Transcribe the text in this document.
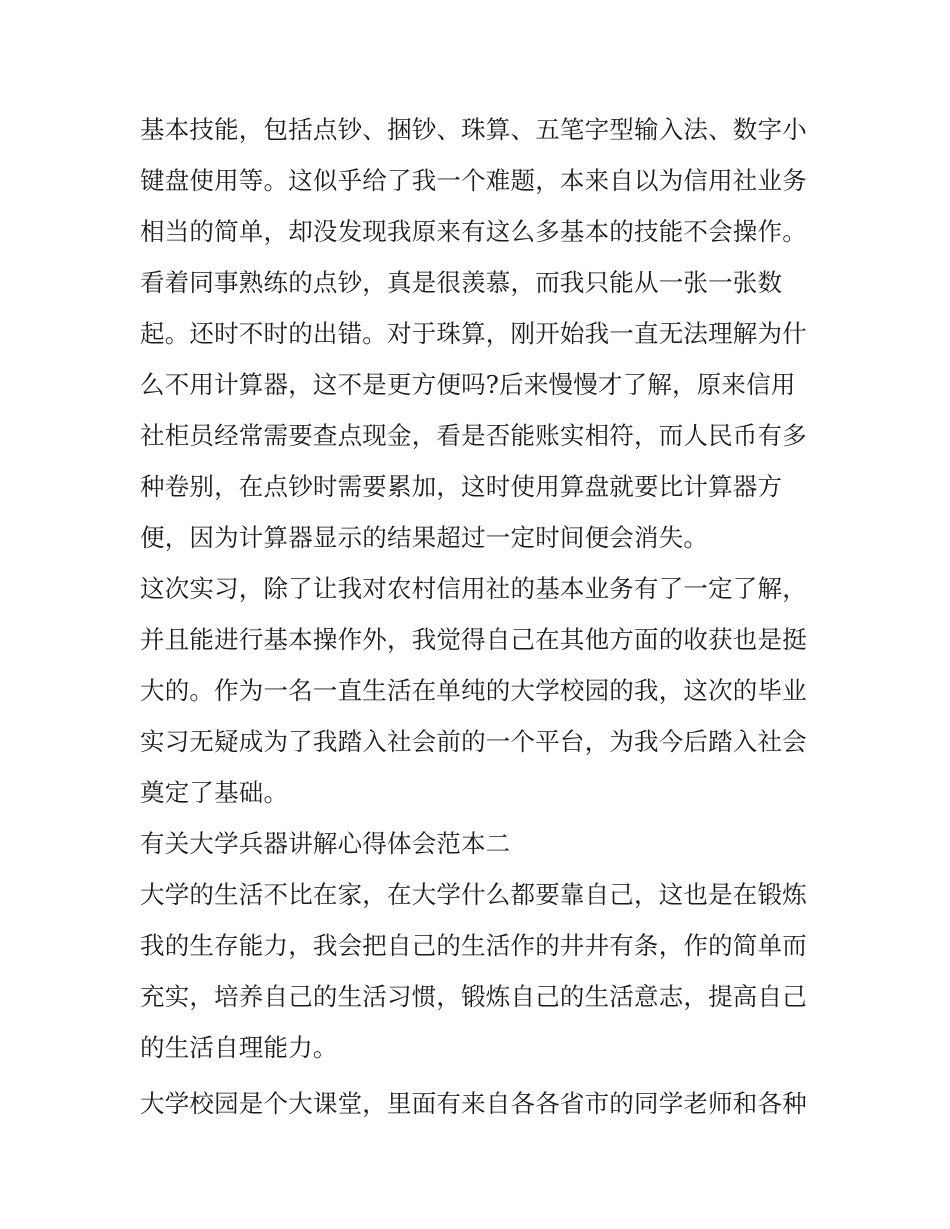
基本技能，包括点钞、捆钞、珠算、五笔字型输入法、数字小
键盘使用等。这似乎给了我一个难题，本来自以为信用社业务
相当的简单，却没发现我原来有这么多基本的技能不会操作。
看着同事熟练的点钞，真是很羡慕，而我只能从一张一张数
起。还时不时的出错。对于珠算，刚开始我一直无法理解为什
么不用计算器，这不是更方便吗?后来慢慢才了解，原来信用
社柜员经常需要查点现金，看是否能账实相符，而人民币有多
种卷别，在点钞时需要累加，这时使用算盘就要比计算器方
便，因为计算器显示的结果超过一定时间便会消失。
这次实习，除了让我对农村信用社的基本业务有了一定了解，
并且能进行基本操作外，我觉得自己在其他方面的收获也是挺
大的。作为一名一直生活在单纯的大学校园的我，这次的毕业
实习无疑成为了我踏入社会前的一个平台，为我今后踏入社会
奠定了基础。
有关大学兵器讲解心得体会范本二
大学的生活不比在家，在大学什么都要靠自己，这也是在锻炼
我的生存能力，我会把自己的生活作的井井有条，作的简单而
充实，培养自己的生活习惯，锻炼自己的生活意志，提高自己
的生活自理能力。
大学校园是个大课堂，里面有来自各各省市的同学老师和各种
